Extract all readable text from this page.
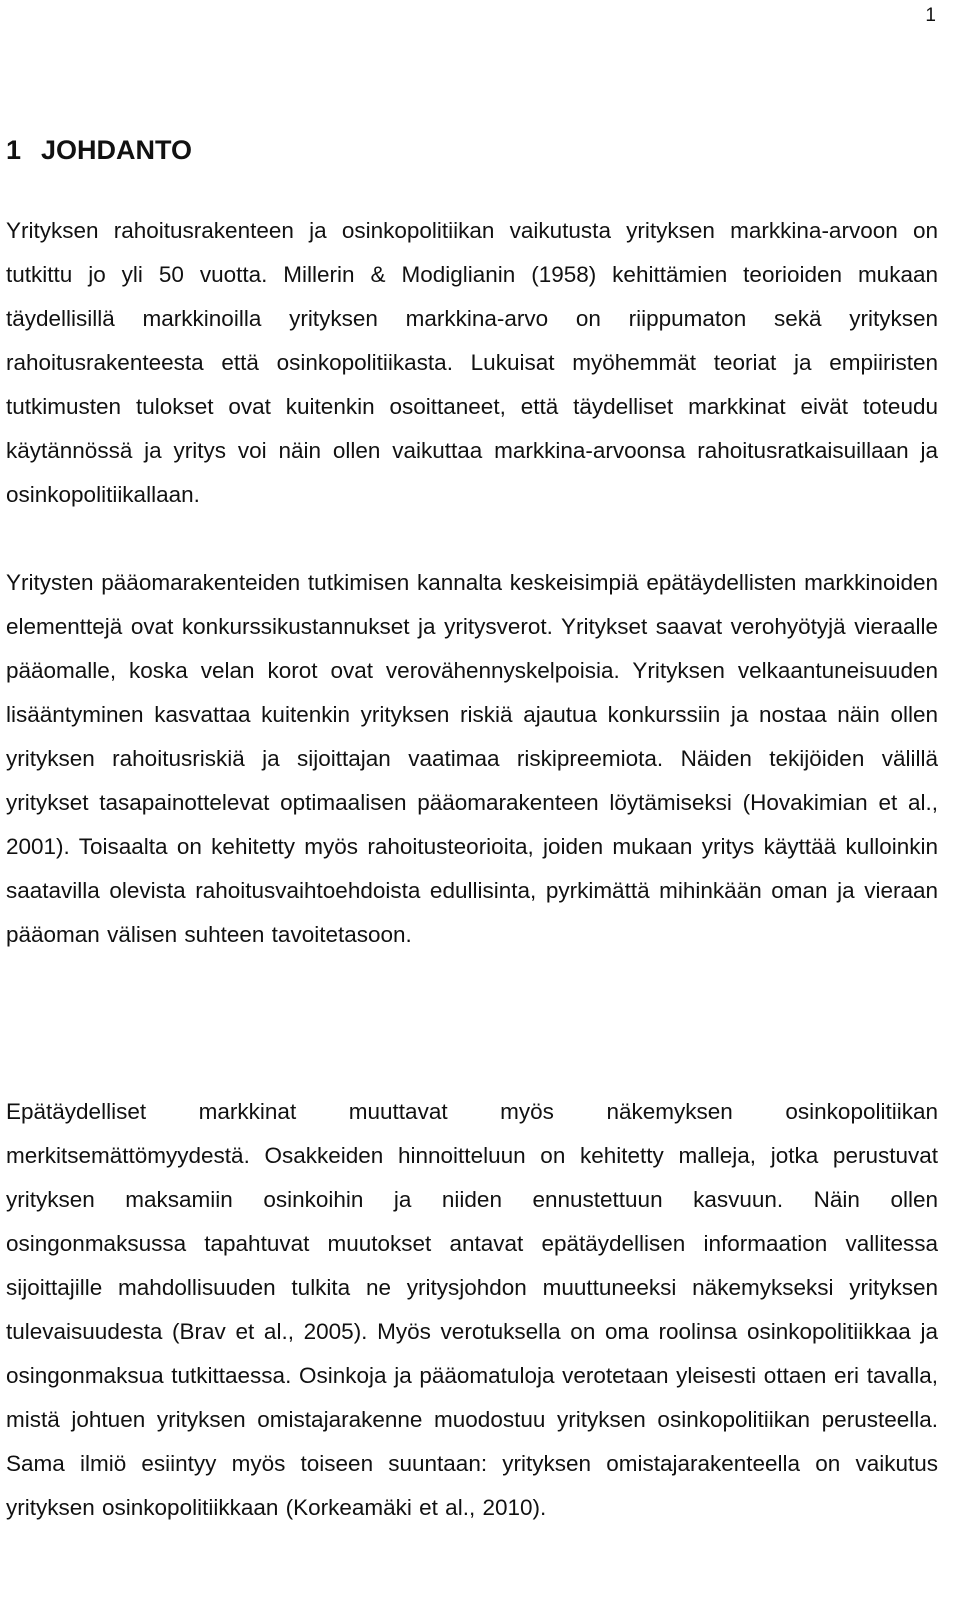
1
1 JOHDANTO

Yrityksen rahoitusrakenteen ja osinkopolitiikan vaikutusta yrityksen markkina-arvoon on tutkittu jo yli 50 vuotta. Millerin & Modiglianin (1958) kehittämien teorioiden mukaan täydellisillä markkinoilla yrityksen markkina-arvo on riippumaton sekä yrityksen rahoitusrakenteesta että osinkopolitiikasta. Lukuisat myöhemmät teoriat ja empiiristen tutkimusten tulokset ovat kuitenkin osoittaneet, että täydelliset markkinat eivät toteudu käytännössä ja yritys voi näin ollen vaikuttaa markkina-arvoonsa rahoitusratkaisuillaan ja osinkopolitiikallaan.

Yritysten pääomarakenteiden tutkimisen kannalta keskeisimpiä epätäydellisten markkinoiden elementtejä ovat konkurssikustannukset ja yritysverot. Yritykset saavat verohyötyjä vieraalle pääomalle, koska velan korot ovat verovähennyskelpoisia. Yrityksen velkaantuneisuuden lisääntyminen kasvattaa kuitenkin yrityksen riskiä ajautua konkurssiin ja nostaa näin ollen yrityksen rahoitusriskiä ja sijoittajan vaatimaa riskipreemiota. Näiden tekijöiden välillä yritykset tasapainottelevat optimaalisen pääomarakenteen löytämiseksi (Hovakimian et al., 2001). Toisaalta on kehitetty myös rahoitusteorioita, joiden mukaan yritys käyttää kulloinkin saatavilla olevista rahoitusvaihtoehdoista edullisinta, pyrkimättä mihinkään oman ja vieraan pääoman välisen suhteen tavoitetasoon.

Epätäydelliset markkinat muuttavat myös näkemyksen osinkopolitiikan merkitsemättömyydestä. Osakkeiden hinnoitteluun on kehitetty malleja, jotka perustuvat yrityksen maksamiin osinkoihin ja niiden ennustettuun kasvuun. Näin ollen osingonmaksussa tapahtuvat muutokset antavat epätäydellisen informaation vallitessa sijoittajille mahdollisuuden tulkita ne yritysjohdon muuttuneeksi näkemykseksi yrityksen tulevaisuudesta (Brav et al., 2005). Myös verotuksella on oma roolinsa osinkopolitiikkaa ja osingonmaksua tutkittaessa. Osinkoja ja pääomatuloja verotetaan yleisesti ottaen eri tavalla, mistä johtuen yrityksen omistajarakenne muodostuu yrityksen osinkopolitiikan perusteella. Sama ilmiö esiintyy myös toiseen suuntaan: yrityksen omistajarakenteella on vaikutus yrityksen osinkopolitiikkaan (Korkeamäki et al., 2010).
